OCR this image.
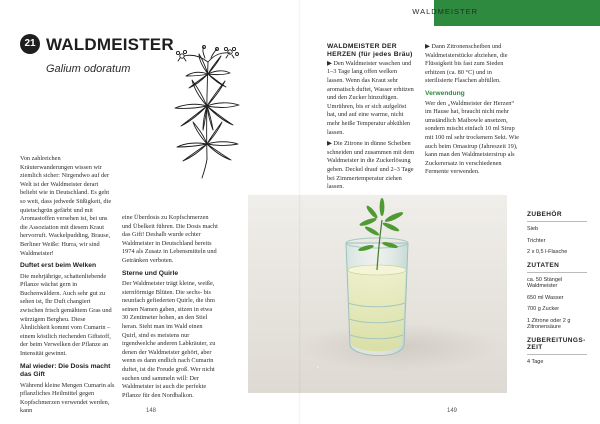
21 WALDMEISTER
Galium odoratum

Von zahlreichen Kräuterwanderungen wissen wir ziemlich sicher: Nirgendwo auf der Welt ist der Waldmeister derart beliebt wie in Deutschland. Es geht so weit, dass jedwede Süßigkeit, die quietschgrün gefärbt und mit Aromastoffen versehen ist, bei uns die Assoziation mit diesem Kraut hervorruft. Wackelpudding, Brause, Berliner Weiße: Hurra, wir sind Waldmeister!

Duftet erst beim Welken

Die mehrjährige, schattenliebende Pflanze wächst gern in Buchenwäldern. Auch sehr gut zu sehen ist, Ihr Duft changiert zwischen frisch gemähtem Gras und würzigem Bergheu. Diese Ähnlichkeit kommt vom Cumarin – einem köstlich riechenden Giftstoff, der beim Verwelken der Pflanze an Intensität gewinnt.

Mal wieder: Die Dosis macht das Gift

Während kleine Mengen Cumarin als pflanzliches Heilmittel gegen Kopfschmerzen verwendet werden, kann

eine Überdosis zu Kopfschmerzen und Übelkeit führen. Die Dosis macht das Gift! Deshalb wurde echter Waldmeister in Deutschland bereits 1974 als Zusatz in Lebensmitteln und Getränken verboten.

Sterne und Quirle

Der Waldmeister trägt kleine, weiße, sternförmige Blüten. Die sechs- bis neunfach gefiederten Quirle, die ihm seinen Namen gaben, sitzen in etwa 30 Zentimeter hohen, an den Stiel heran. Sieht man im Wald einen Quirl, sind es meistens nur irgendwelche anderen Labkräuter, zu denen der Waldmeister gehört, aber wenn es dann endlich nach Cumarin duftet, ist die Freude groß. Wer nicht suchen und sammeln will: Der Waldmeister ist auch die perfekte Pflanze für den Nordbalkon.

148
WALDMEISTER
WALDMEISTER DER HERZEN (für jedes Bräu)

▶ Den Waldmeister waschen und 1–3 Tage lang offen welken lassen. Wenn das Kraut sehr aromatisch duftet, Wasser erhitzen und den Zucker hinzufügen. Umrühren, bis er sich aufgelöst hat, und auf eine warme, nicht mehr heiße Temperatur abkühlen lassen.

▶ Die Zitrone in dünne Scheiben schneiden und zusammen mit dem Waldmeister in die Zuckerlösung geben. Deckel drauf und 2–3 Tage bei Zimmertemperatur ziehen lassen.

▶ Dann Zitronenscheiben und Waldmeisterstücke abziehen, die Flüssigkeit bis fast zum Sieden erhitzen (ca. 80 °C) und in sterilisierte Flaschen abfüllen.

Verwendung

Wer den „Waldmeister der Herzen“ im Hause hat, braucht nicht mehr umständlich Maibowle ansetzen, sondern mischt einfach 10 ml Sirup mit 100 ml sehr trockenem Sekt. Wie auch beim Omasirup (Jahreszeit 19), kann man den Waldmeistersirup als Zuckerersatz in verschiedenen Fermente verwenden.

ZUBEHÖR
Sieb
Trichter
2 x 0,5 l-Flasche
ZUTATEN
ca. 50 Stängel Waldmeister
650 ml Wasser
700 g Zucker
1 Zitrone oder 2 g Zitronensäure
ZUBEREITUNGS-ZEIT
4 Tage
149
